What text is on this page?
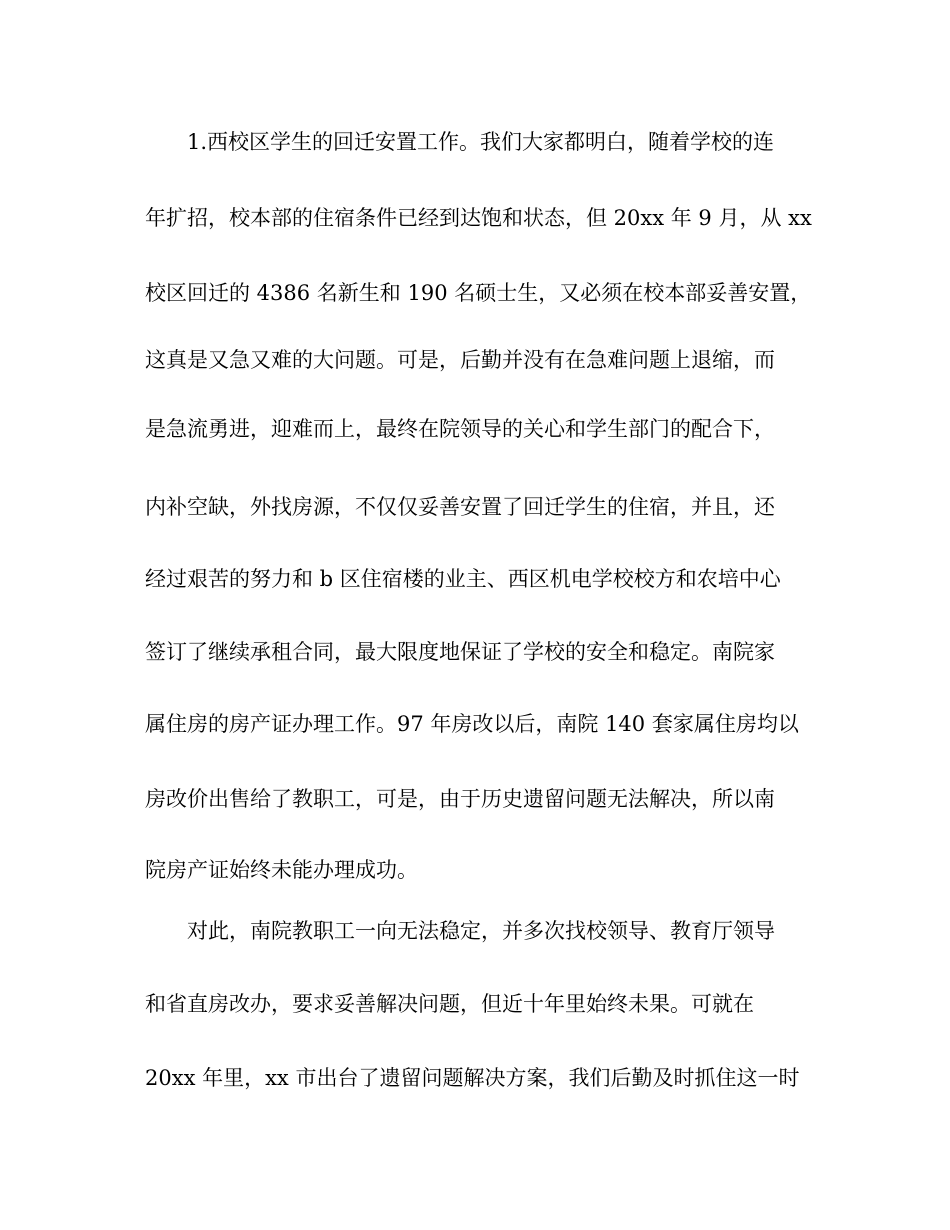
1.西校区学生的回迁安置工作。我们大家都明白，随着学校的连
年扩招，校本部的住宿条件已经到达饱和状态，但 20xx 年 9 月，从 xx
校区回迁的 4386 名新生和 190 名硕士生，又必须在校本部妥善安置，
这真是又急又难的大问题。可是，后勤并没有在急难问题上退缩，而
是急流勇进，迎难而上，最终在院领导的关心和学生部门的配合下，
内补空缺，外找房源，不仅仅妥善安置了回迁学生的住宿，并且，还
经过艰苦的努力和 b 区住宿楼的业主、西区机电学校校方和农培中心
签订了继续承租合同，最大限度地保证了学校的安全和稳定。南院家
属住房的房产证办理工作。97 年房改以后，南院 140 套家属住房均以
房改价出售给了教职工，可是，由于历史遗留问题无法解决，所以南
院房产证始终未能办理成功。
对此，南院教职工一向无法稳定，并多次找校领导、教育厅领导
和省直房改办，要求妥善解决问题，但近十年里始终未果。可就在
20xx 年里，xx 市出台了遗留问题解决方案，我们后勤及时抓住这一时
